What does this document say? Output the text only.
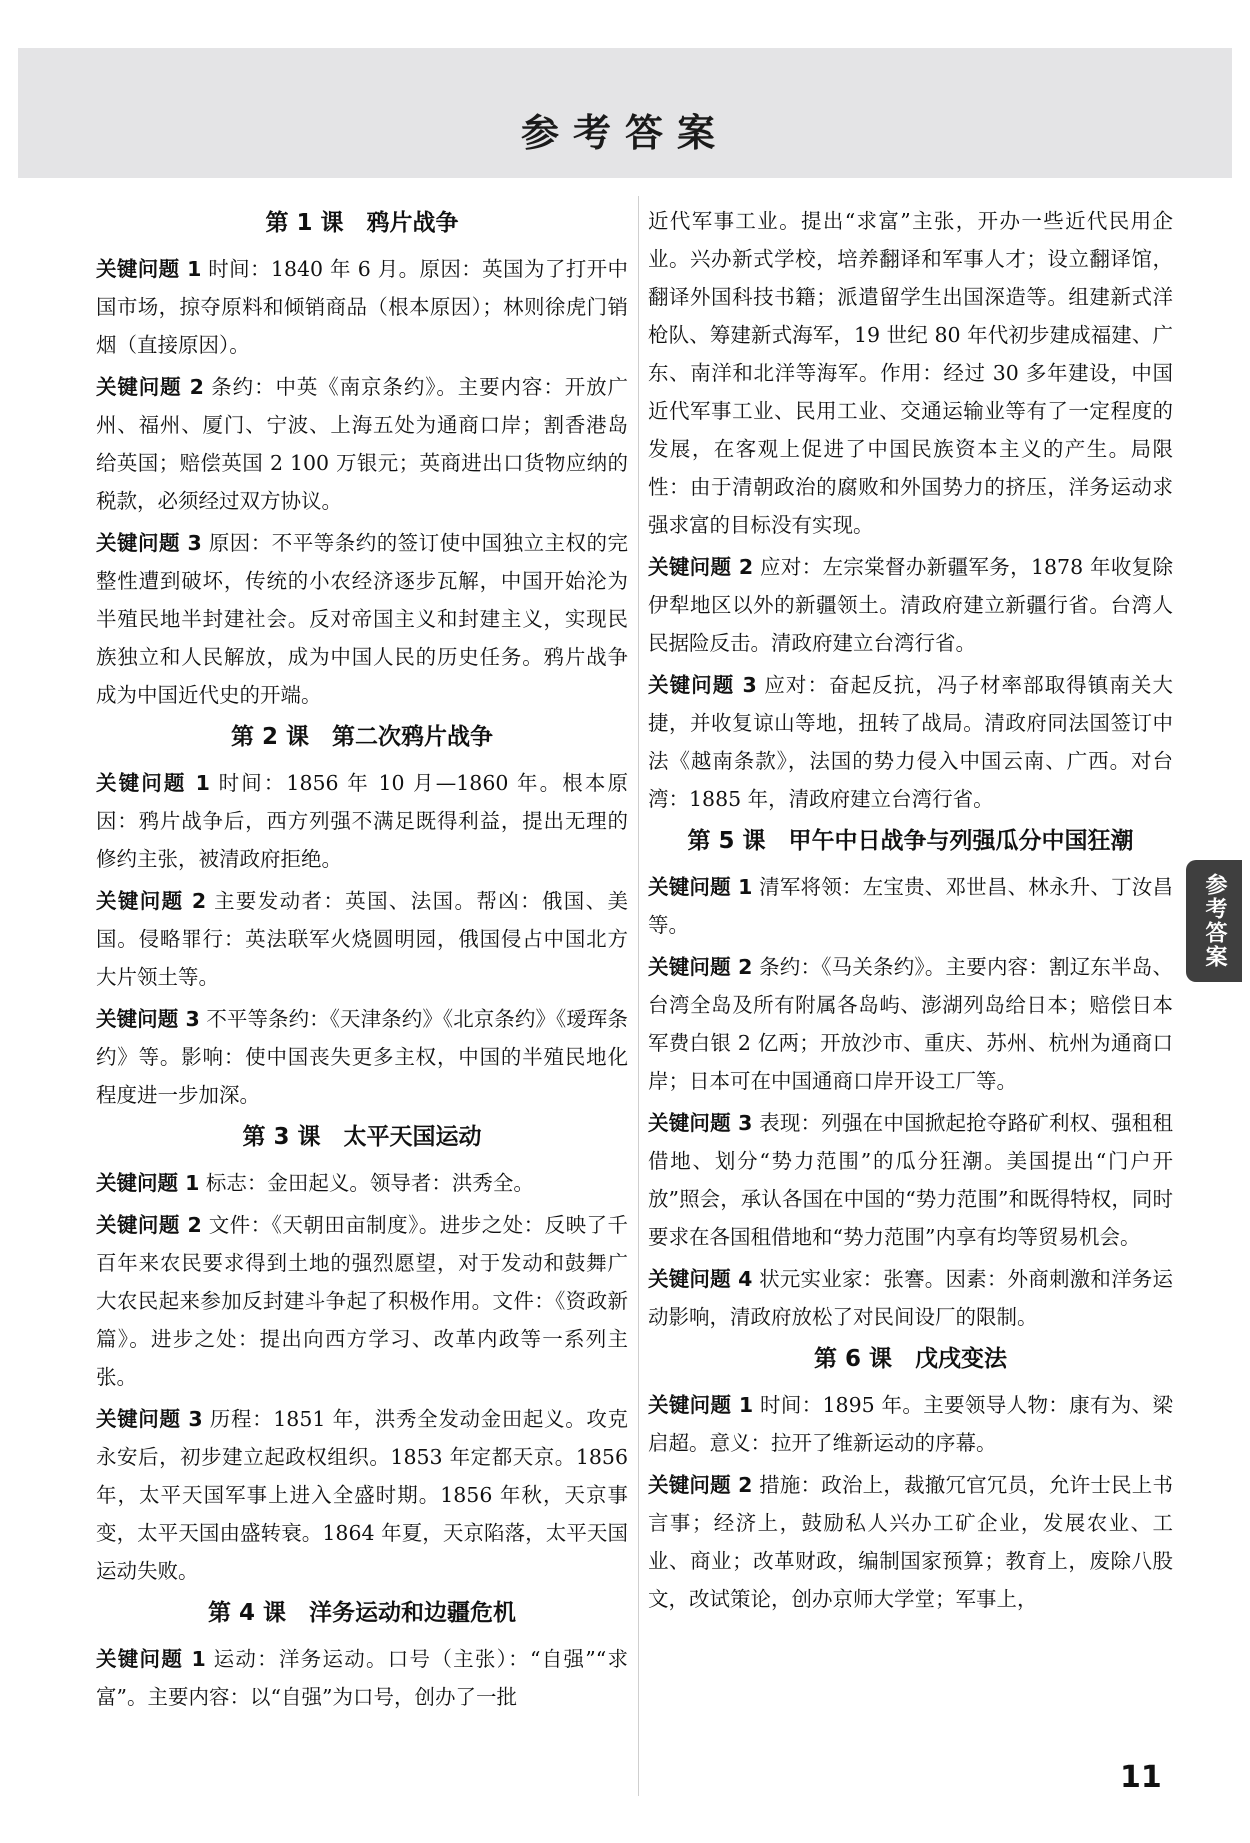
参考答案
第 1 课　鸦片战争

关键问题 1 时间：1840 年 6 月。原因：英国为了打开中国市场，掠夺原料和倾销商品（根本原因）；林则徐虎门销烟（直接原因）。

关键问题 2 条约：中英《南京条约》。主要内容：开放广州、福州、厦门、宁波、上海五处为通商口岸；割香港岛给英国；赔偿英国 2 100 万银元；英商进出口货物应纳的税款，必须经过双方协议。

关键问题 3 原因：不平等条约的签订使中国独立主权的完整性遭到破坏，传统的小农经济逐步瓦解，中国开始沦为半殖民地半封建社会。反对帝国主义和封建主义，实现民族独立和人民解放，成为中国人民的历史任务。鸦片战争成为中国近代史的开端。

第 2 课　第二次鸦片战争

关键问题 1 时间：1856 年 10 月—1860 年。根本原因：鸦片战争后，西方列强不满足既得利益，提出无理的修约主张，被清政府拒绝。

关键问题 2 主要发动者：英国、法国。帮凶：俄国、美国。侵略罪行：英法联军火烧圆明园，俄国侵占中国北方大片领土等。

关键问题 3 不平等条约：《天津条约》《北京条约》《瑷珲条约》等。影响：使中国丧失更多主权，中国的半殖民地化程度进一步加深。

第 3 课　太平天国运动

关键问题 1 标志：金田起义。领导者：洪秀全。

关键问题 2 文件：《天朝田亩制度》。进步之处：反映了千百年来农民要求得到土地的强烈愿望，对于发动和鼓舞广大农民起来参加反封建斗争起了积极作用。文件：《资政新篇》。进步之处：提出向西方学习、改革内政等一系列主张。

关键问题 3 历程：1851 年，洪秀全发动金田起义。攻克永安后，初步建立起政权组织。1853 年定都天京。1856 年，太平天国军事上进入全盛时期。1856 年秋，天京事变，太平天国由盛转衰。1864 年夏，天京陷落，太平天国运动失败。

第 4 课　洋务运动和边疆危机

关键问题 1 运动：洋务运动。口号（主张）：“自强”“求富”。主要内容：以“自强”为口号，创办了一批

近代军事工业。提出“求富”主张，开办一些近代民用企业。兴办新式学校，培养翻译和军事人才；设立翻译馆，翻译外国科技书籍；派遣留学生出国深造等。组建新式洋枪队、筹建新式海军，19 世纪 80 年代初步建成福建、广东、南洋和北洋等海军。作用：经过 30 多年建设，中国近代军事工业、民用工业、交通运输业等有了一定程度的发展，在客观上促进了中国民族资本主义的产生。局限性：由于清朝政治的腐败和外国势力的挤压，洋务运动求强求富的目标没有实现。

关键问题 2 应对：左宗棠督办新疆军务，1878 年收复除伊犁地区以外的新疆领土。清政府建立新疆行省。台湾人民据险反击。清政府建立台湾行省。

关键问题 3 应对：奋起反抗，冯子材率部取得镇南关大捷，并收复谅山等地，扭转了战局。清政府同法国签订中法《越南条款》，法国的势力侵入中国云南、广西。对台湾：1885 年，清政府建立台湾行省。

第 5 课　甲午中日战争与列强瓜分中国狂潮

关键问题 1 清军将领：左宝贵、邓世昌、林永升、丁汝昌等。

关键问题 2 条约：《马关条约》。主要内容：割辽东半岛、台湾全岛及所有附属各岛屿、澎湖列岛给日本；赔偿日本军费白银 2 亿两；开放沙市、重庆、苏州、杭州为通商口岸；日本可在中国通商口岸开设工厂等。

关键问题 3 表现：列强在中国掀起抢夺路矿利权、强租租借地、划分“势力范围”的瓜分狂潮。美国提出“门户开放”照会，承认各国在中国的“势力范围”和既得特权，同时要求在各国租借地和“势力范围”内享有均等贸易机会。

关键问题 4 状元实业家：张謇。因素：外商刺激和洋务运动影响，清政府放松了对民间设厂的限制。

第 6 课　戊戌变法

关键问题 1 时间：1895 年。主要领导人物：康有为、梁启超。意义：拉开了维新运动的序幕。

关键问题 2 措施：政治上，裁撤冗官冗员，允许士民上书言事；经济上，鼓励私人兴办工矿企业，发展农业、工业、商业；改革财政，编制国家预算；教育上，废除八股文，改试策论，创办京师大学堂；军事上，

参考答案
11
